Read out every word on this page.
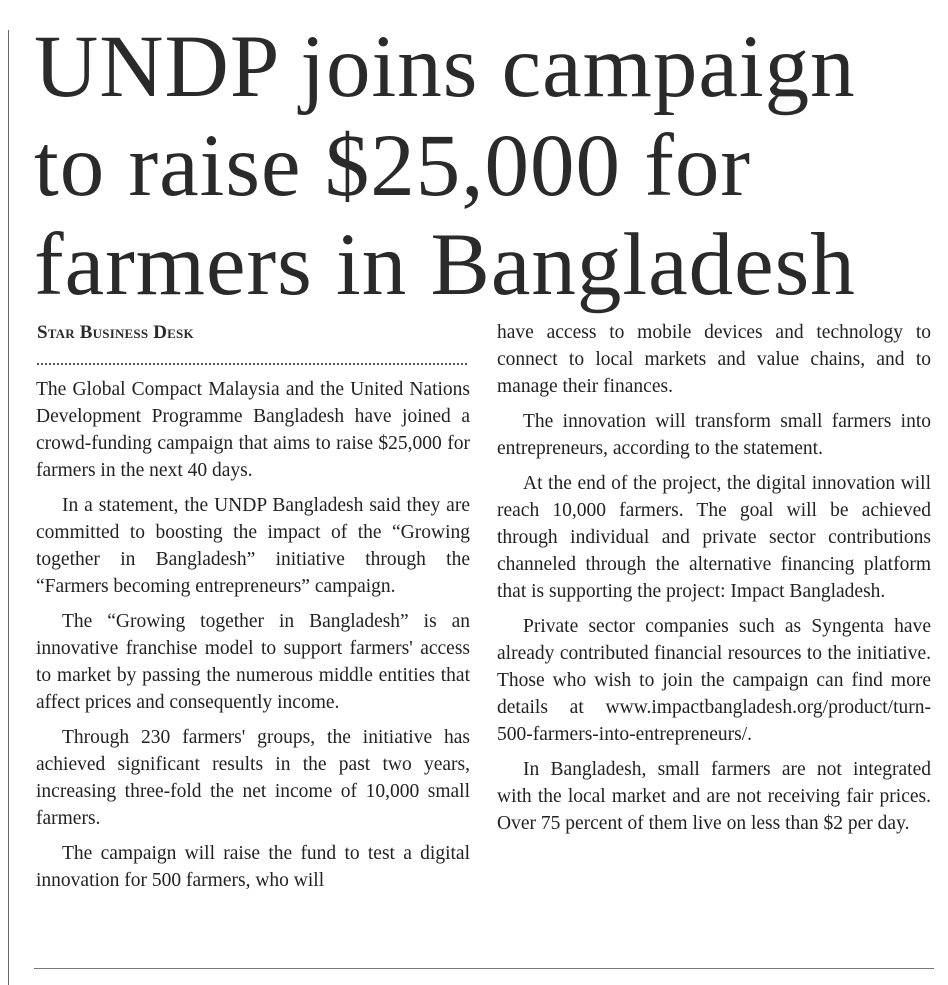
UNDP joins campaign
to raise $25,000 for
farmers in Bangladesh
Star Business Desk

The Global Compact Malaysia and the United Nations Development Programme Bangladesh have joined a crowd-funding campaign that aims to raise $25,000 for farmers in the next 40 days.

In a statement, the UNDP Bangladesh said they are committed to boosting the impact of the “Growing together in Bangladesh” initiative through the “Farmers becoming entrepreneurs” campaign.

The “Growing together in Bangladesh” is an innovative franchise model to support farmers' access to market by passing the numerous middle entities that affect prices and consequently income.

Through 230 farmers' groups, the initiative has achieved significant results in the past two years, increasing three-fold the net income of 10,000 small farmers.

The campaign will raise the fund to test a digital innovation for 500 farmers, who will

have access to mobile devices and technology to connect to local markets and value chains, and to manage their finances.

The innovation will transform small farmers into entrepreneurs, according to the statement.

At the end of the project, the digital innovation will reach 10,000 farmers. The goal will be achieved through individual and private sector contributions channeled through the alternative financing platform that is supporting the project: Impact Bangladesh.

Private sector companies such as Syngenta have already contributed financial resources to the initiative. Those who wish to join the campaign can find more details at www.impactbangladesh.org/product/turn-500-farmers-into-entrepreneurs/.

In Bangladesh, small farmers are not integrated with the local market and are not receiving fair prices. Over 75 percent of them live on less than $2 per day.
